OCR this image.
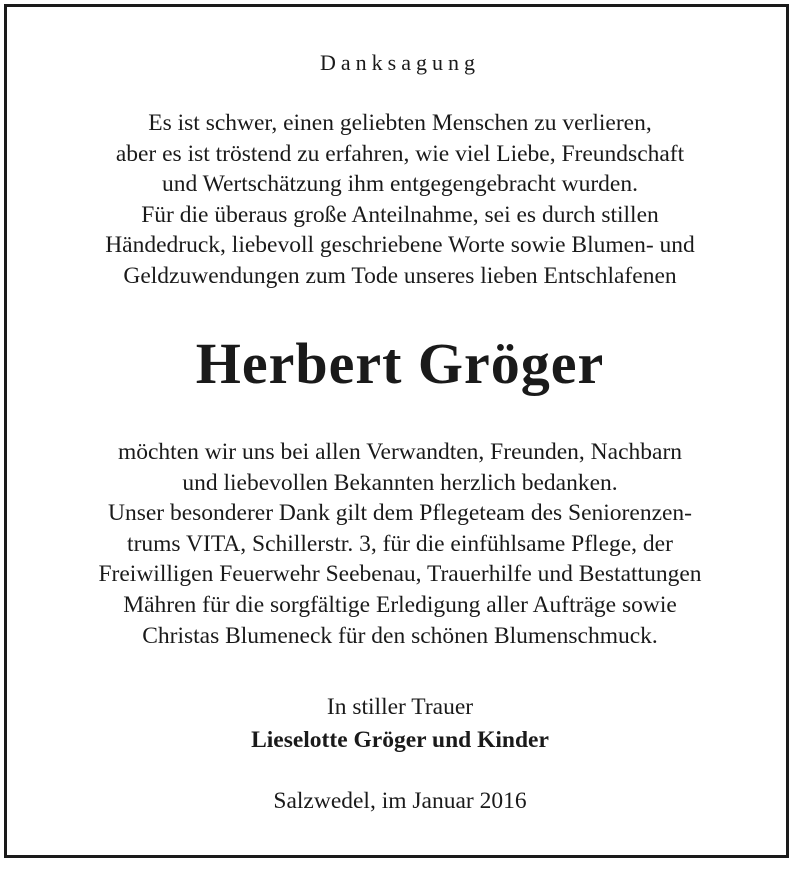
Danksagung
Es ist schwer, einen geliebten Menschen zu verlieren,
aber es ist tröstend zu erfahren, wie viel Liebe, Freundschaft
und Wertschätzung ihm entgegengebracht wurden.
Für die überaus große Anteilnahme, sei es durch stillen
Händedruck, liebevoll geschriebene Worte sowie Blumen- und
Geldzuwendungen zum Tode unseres lieben Entschlafenen
Herbert Gröger
möchten wir uns bei allen Verwandten, Freunden, Nachbarn
und liebevollen Bekannten herzlich bedanken.
Unser besonderer Dank gilt dem Pflegeteam des Seniorenzen-
trums VITA, Schillerstr. 3, für die einfühlsame Pflege, der
Freiwilligen Feuerwehr Seebenau, Trauerhilfe und Bestattungen
Mähren für die sorgfältige Erledigung aller Aufträge sowie
Christas Blumeneck für den schönen Blumenschmuck.
In stiller Trauer
Lieselotte Gröger und Kinder
Salzwedel, im Januar 2016
